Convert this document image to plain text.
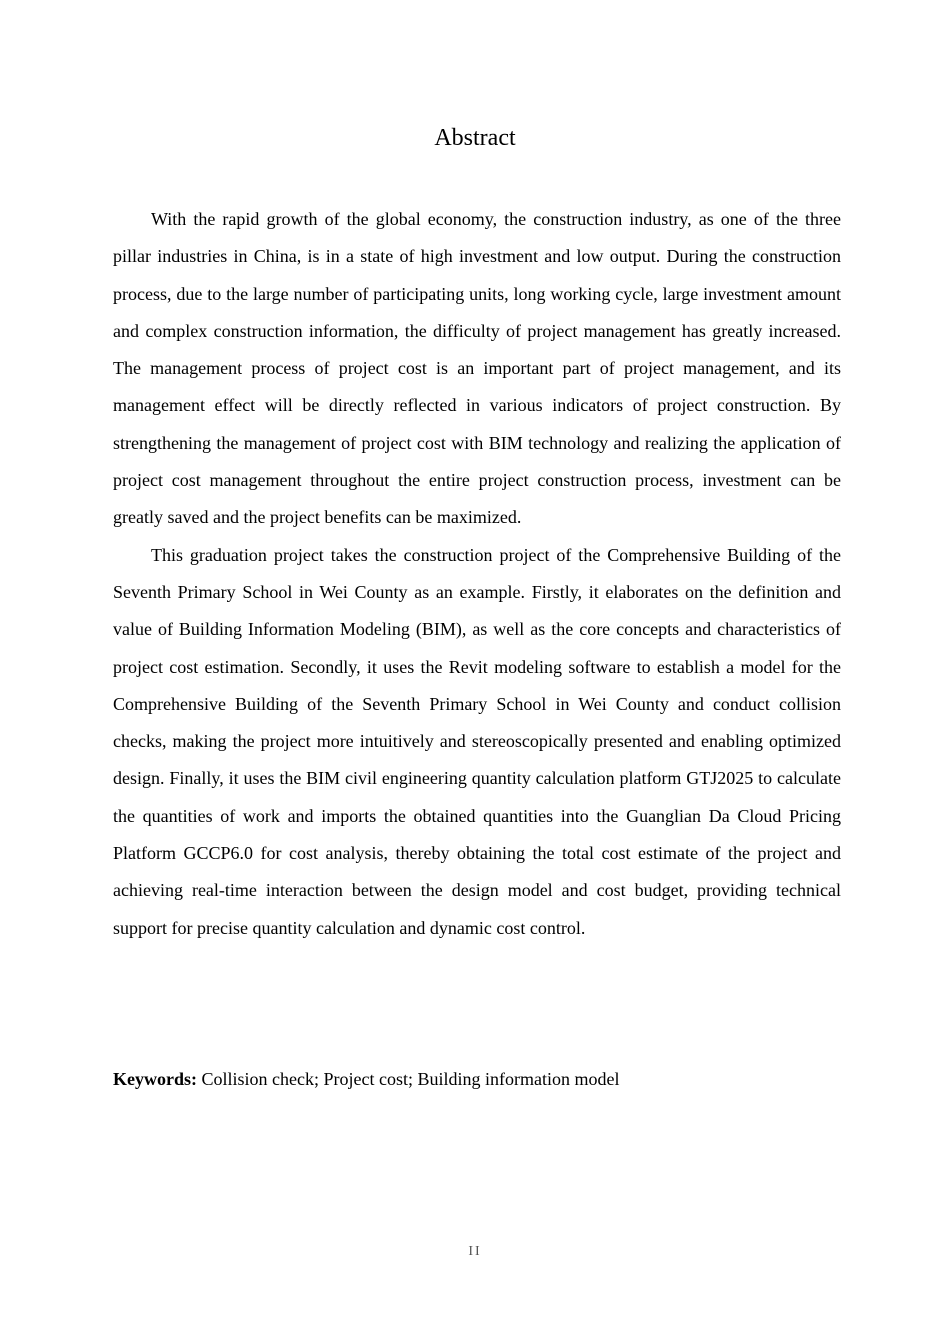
Abstract

With the rapid growth of the global economy, the construction industry, as one of the three pillar industries in China, is in a state of high investment and low output. During the construction process, due to the large number of participating units, long working cycle, large investment amount and complex construction information, the difficulty of project management has greatly increased. The management process of project cost is an important part of project management, and its management effect will be directly reflected in various indicators of project construction. By strengthening the management of project cost with BIM technology and realizing the application of project cost management throughout the entire project construction process, investment can be greatly saved and the project benefits can be maximized.

This graduation project takes the construction project of the Comprehensive Building of the Seventh Primary School in Wei County as an example. Firstly, it elaborates on the definition and value of Building Information Modeling (BIM), as well as the core concepts and characteristics of project cost estimation. Secondly, it uses the Revit modeling software to establish a model for the Comprehensive Building of the Seventh Primary School in Wei County and conduct collision checks, making the project more intuitively and stereoscopically presented and enabling optimized design. Finally, it uses the BIM civil engineering quantity calculation platform GTJ2025 to calculate the quantities of work and imports the obtained quantities into the Guanglian Da Cloud Pricing Platform GCCP6.0 for cost analysis, thereby obtaining the total cost estimate of the project and achieving real-time interaction between the design model and cost budget, providing technical support for precise quantity calculation and dynamic cost control.

Keywords: Collision check; Project cost; Building information model

II
